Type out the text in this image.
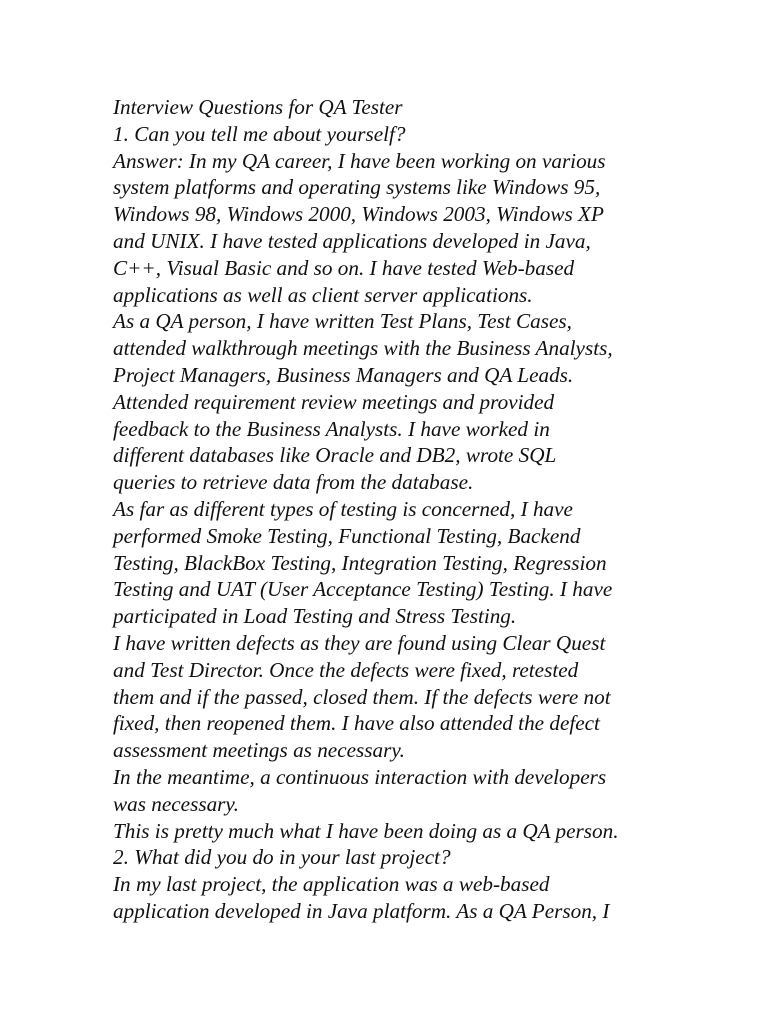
Interview Questions for QA Tester
1. Can you tell me about yourself?
Answer: In my QA career, I have been working on various
system platforms and operating systems like Windows 95,
Windows 98, Windows 2000, Windows 2003, Windows XP
and UNIX. I have tested applications developed in Java,
C++, Visual Basic and so on. I have tested Web-based
applications as well as client server applications.
As a QA person, I have written Test Plans, Test Cases,
attended walkthrough meetings with the Business Analysts,
Project Managers, Business Managers and QA Leads.
Attended requirement review meetings and provided
feedback to the Business Analysts. I have worked in
different databases like Oracle and DB2, wrote SQL
queries to retrieve data from the database.
As far as different types of testing is concerned, I have
performed Smoke Testing, Functional Testing, Backend
Testing, BlackBox Testing, Integration Testing, Regression
Testing and UAT (User Acceptance Testing) Testing. I have
participated in Load Testing and Stress Testing.
I have written defects as they are found using Clear Quest
and Test Director. Once the defects were fixed, retested
them and if the passed, closed them. If the defects were not
fixed, then reopened them. I have also attended the defect
assessment meetings as necessary.
In the meantime, a continuous interaction with developers
was necessary.
This is pretty much what I have been doing as a QA person.
2. What did you do in your last project?
In my last project, the application was a web-based
application developed in Java platform. As a QA Person, I
